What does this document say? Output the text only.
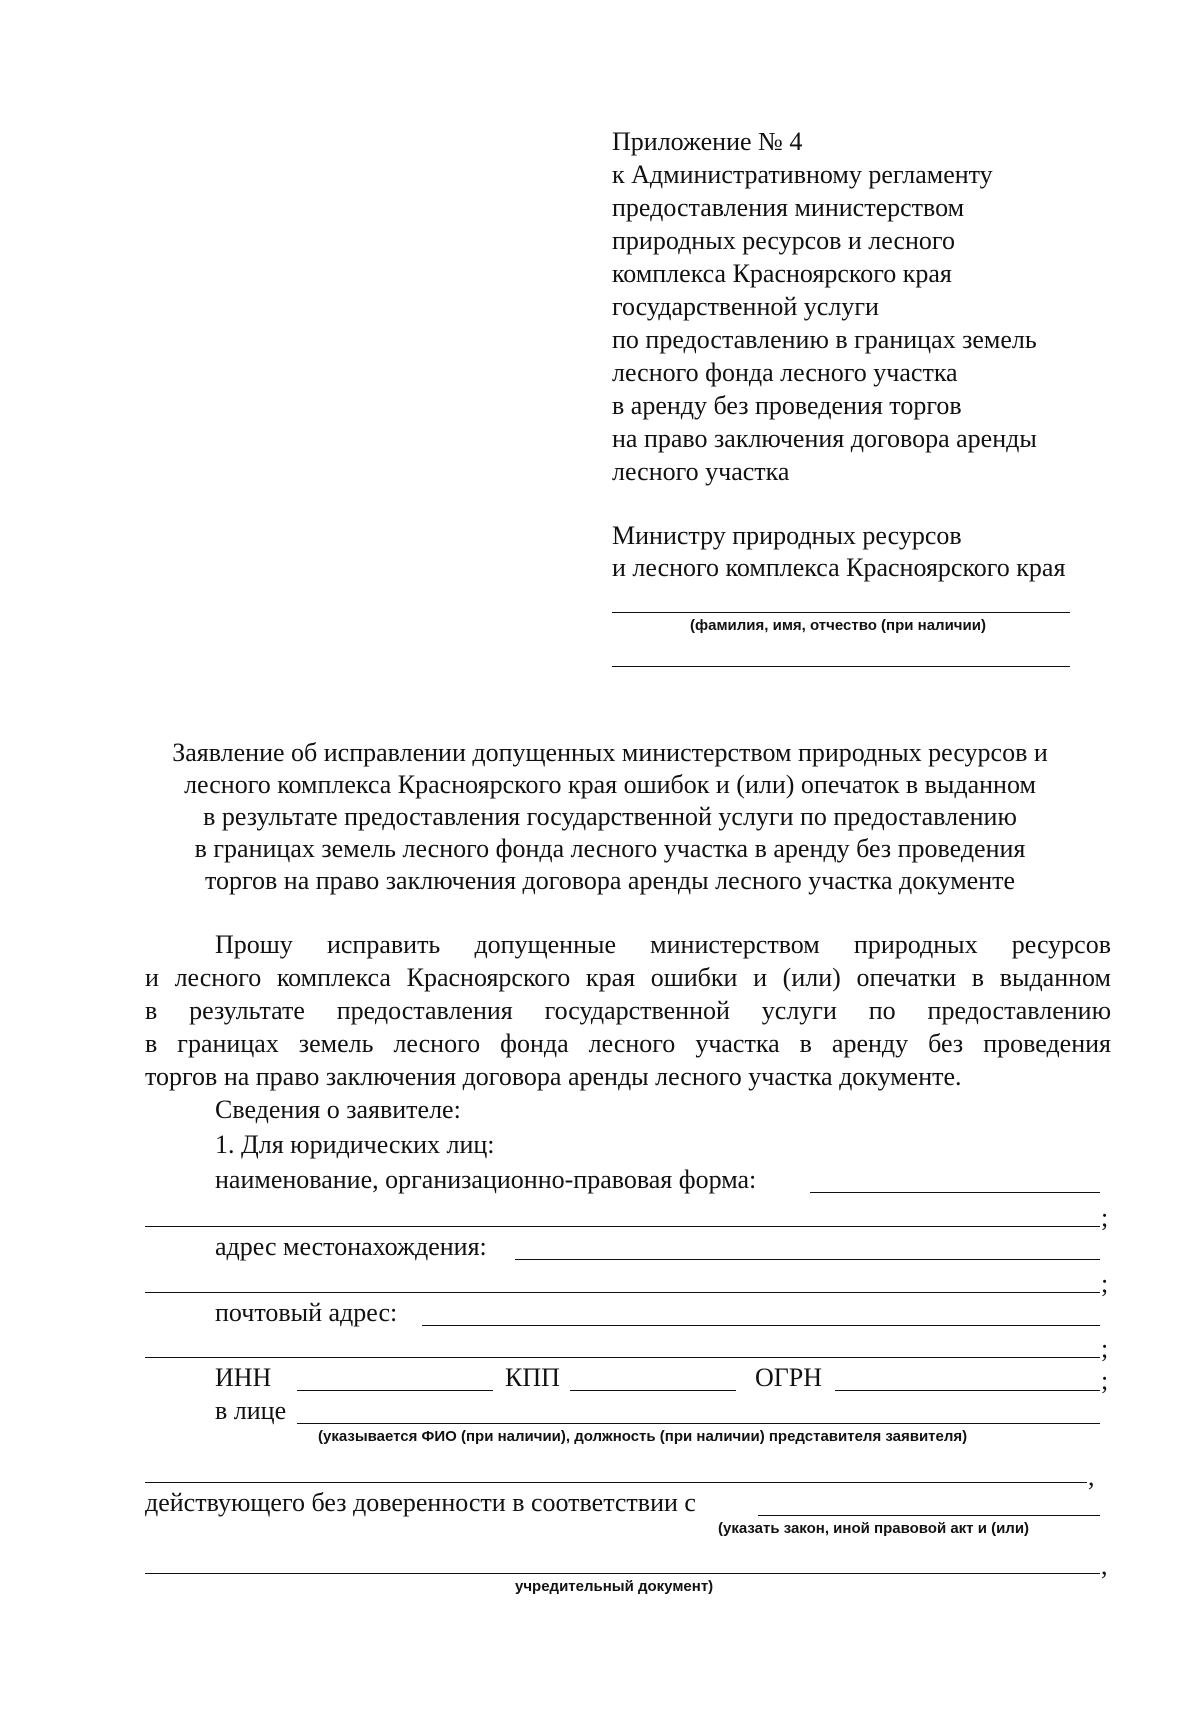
Приложение № 4
к Административному регламенту
предоставления министерством
природных ресурсов и лесного
комплекса Красноярского края
государственной услуги
по предоставлению в границах земель
лесного фонда лесного участка
в аренду без проведения торгов
на право заключения договора аренды
лесного участка
Министру природных ресурсов
и лесного комплекса Красноярского края
(фамилия, имя, отчество (при наличии)
Заявление об исправлении допущенных министерством природных ресурсов и
лесного комплекса Красноярского края ошибок и (или) опечаток в выданном
в результате предоставления государственной услуги по предоставлению
в границах земель лесного фонда лесного участка в аренду без проведения
торгов на право заключения договора аренды лесного участка документе
Прошу исправить допущенные министерством природных ресурсов
и лесного комплекса Красноярского края ошибки и (или) опечатки в выданном
в результате предоставления государственной услуги по предоставлению
в границах земель лесного фонда лесного участка в аренду без проведения
торгов на право заключения договора аренды лесного участка документе.
Сведения о заявителе:
1. Для юридических лиц:
наименование, организационно-правовая форма:
;
адрес местонахождения:
;
почтовый адрес:
;
ИНН	КПП	ОГРН	;
в лице
(указывается ФИО (при наличии), должность (при наличии) представителя заявителя)
,
действующего без доверенности в соответствии с
(указать закон, иной правовой акт и (или)
,
учредительный документ)
